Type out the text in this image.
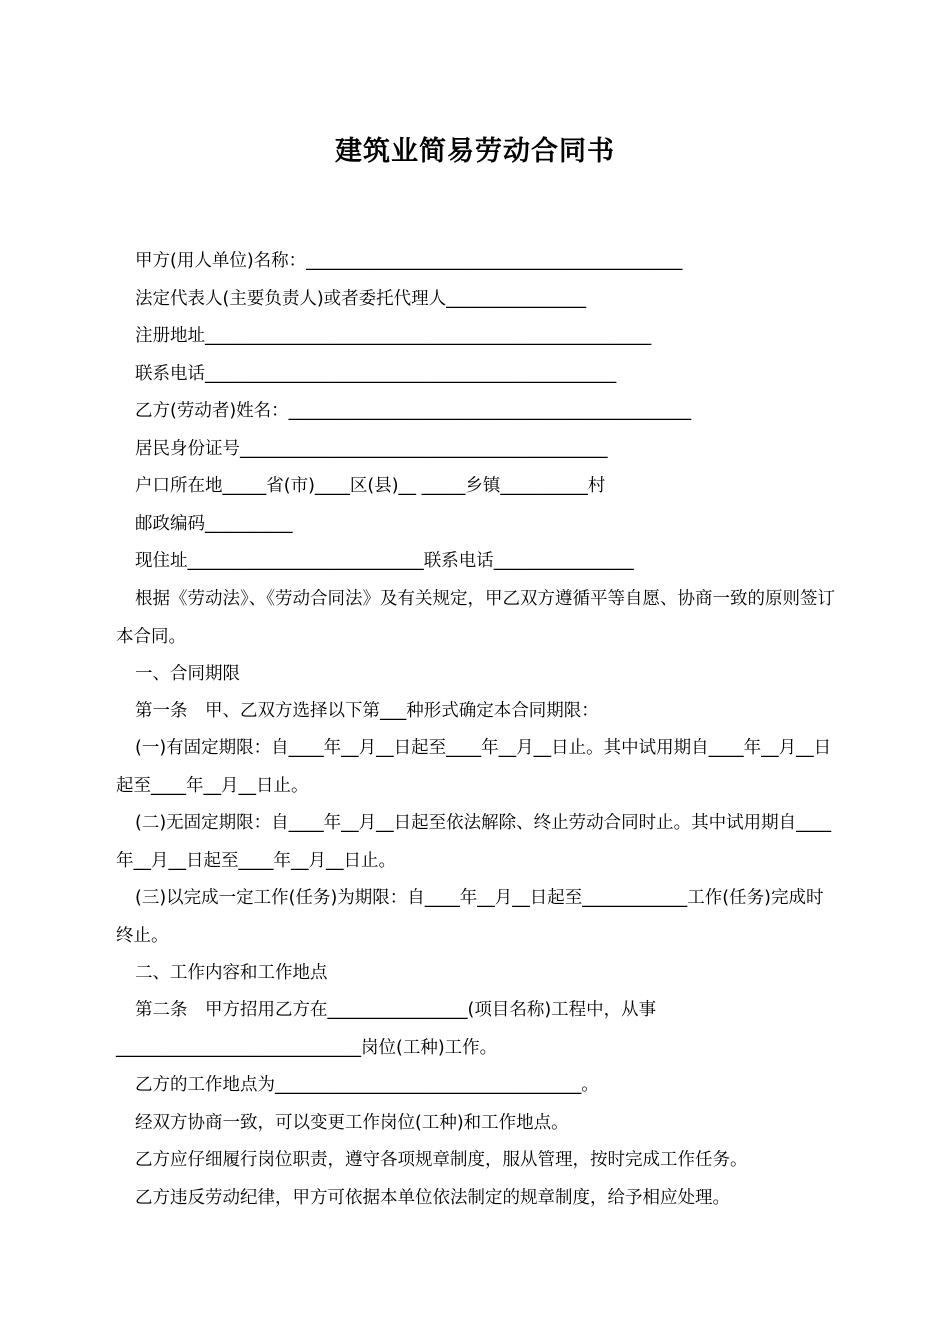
建筑业简易劳动合同书

甲方(用人单位)名称：___________________________________________

法定代表人(主要负责人)或者委托代理人________________

注册地址___________________________________________________

联系电话_______________________________________________

乙方(劳动者)姓名：______________________________________________

居民身份证号__________________________________________

户口所在地_____省(市)____区(县)__ _____乡镇__________村

邮政编码__________

现住址___________________________联系电话________________

根据《劳动法》、《劳动合同法》及有关规定，甲乙双方遵循平等自愿、协商一致的原则签订本合同。

一、合同期限

第一条　甲、乙双方选择以下第___种形式确定本合同期限：

(一)有固定期限：自____年__月__日起至____年__月__日止。其中试用期自____年__月__日起至____年__月__日止。

(二)无固定期限：自____年__月__日起至依法解除、终止劳动合同时止。其中试用期自____年__月__日起至____年__月__日止。

(三)以完成一定工作(任务)为期限：自____年__月__日起至____________工作(任务)完成时终止。

二、工作内容和工作地点

第二条　甲方招用乙方在________________(项目名称)工程中，从事____________________________岗位(工种)工作。

乙方的工作地点为___________________________________。

经双方协商一致，可以变更工作岗位(工种)和工作地点。

乙方应仔细履行岗位职责，遵守各项规章制度，服从管理，按时完成工作任务。

乙方违反劳动纪律，甲方可依据本单位依法制定的规章制度，给予相应处理。
